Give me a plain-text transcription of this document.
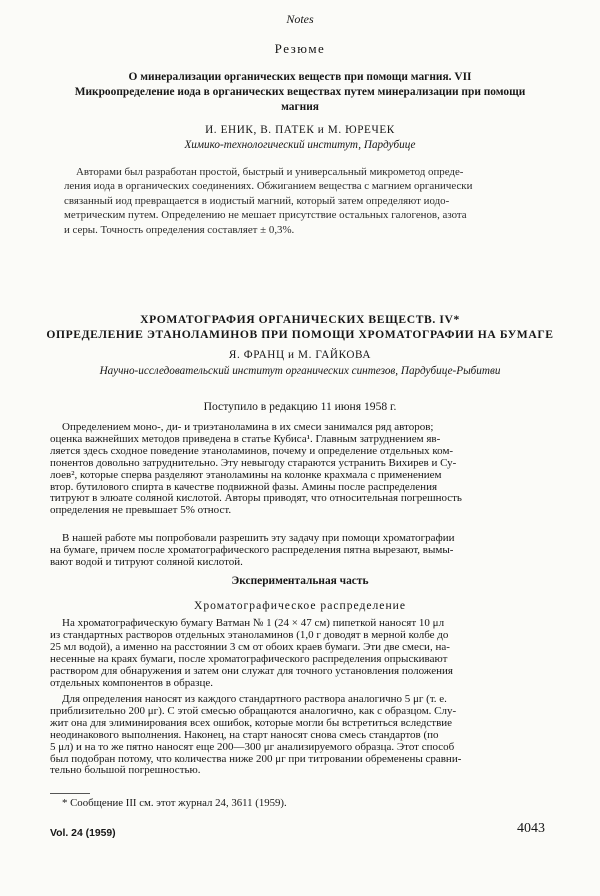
Notes
Резюме
О минерализации органических веществ при помощи магния. VII
Микроопределение иода в органических веществах путем минерализации при помощи
магния
И. ЕНИК, В. ПАТЕК и М. ЮРЕЧЕК
Химико-технологический институт, Пардубице
Авторами был разработан простой, быстрый и универсальный микрометод опреде-
ления иода в органических соединениях. Обжиганием вещества с магнием органически
связанный иод превращается в иодистый магний, который затем определяют иодо-
метрическим путем. Определению не мешает присутствие остальных галогенов, азота
и серы. Точность определения составляет ± 0,3%.
ХРОМАТОГРАФИЯ ОРГАНИЧЕСКИХ ВЕЩЕСТВ. IV*
ОПРЕДЕЛЕНИЕ ЭТАНОЛАМИНОВ ПРИ ПОМОЩИ ХРОМАТОГРАФИИ НА БУМАГЕ
Я. ФРАНЦ и М. ГАЙКОВА
Научно-исследовательский институт органических синтезов, Пардубице-Рыбитви
Поступило в редакцию 11 июня 1958 г.
Определением моно-, ди- и триэтаноламина в их смеси занимался ряд авторов;
оценка важнейших методов приведена в статье Кубиса¹. Главным затруднением яв-
ляется здесь сходное поведение этаноламинов, почему и определение отдельных ком-
понентов довольно затруднительно. Эту невыгоду стараются устранить Вихирев и Су-
лоев², которые сперва разделяют этаноламины на колонке крахмала с применением
втор. бутилового спирта в качестве подвижной фазы. Амины после распределения
титруют в элюате соляной кислотой. Авторы приводят, что относительная погрешность
определения не превышает 5% отност.
В нашей работе мы попробовали разрешить эту задачу при помощи хроматографии
на бумаге, причем после хроматографического распределения пятна вырезают, вымы-
вают водой и титруют соляной кислотой.
Экспериментальная часть
Хроматографическое распределение
На хроматографическую бумагу Ватман № 1 (24 × 47 см) пипеткой наносят 10 μл
из стандартных растворов отдельных этаноламинов (1,0 г доводят в мерной колбе до
25 мл водой), а именно на расстоянии 3 см от обоих краев бумаги. Эти две смеси, на-
несенные на краях бумаги, после хроматографического распределения опрыскивают
раствором для обнаружения и затем они служат для точного установления положения
отдельных компонентов в образце.
Для определения наносят из каждого стандартного раствора аналогично 5 μг (т. е.
приблизительно 200 μг). С этой смесью обращаются аналогично, как с образцом. Слу-
жит она для элиминирования всех ошибок, которые могли бы встретиться вследствие
неодинакового выполнения. Наконец, на старт наносят снова смесь стандартов (по
5 μл) и на то же пятно наносят еще 200—300 μг анализируемого образца. Этот способ
был подобран потому, что количества ниже 200 μг при титровании обременены сравни-
тельно большой погрешностью.
* Сообщение III см. этот журнал 24, 3611 (1959).
Vol. 24 (1959)	4043
